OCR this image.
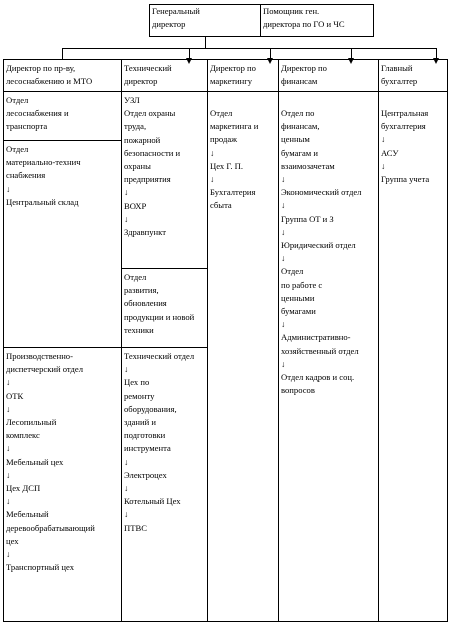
Генеральный
директор
Помощник ген.
директора по ГО и ЧС
Директор по пр-ву,
лесоснабжению и МТО
Отдел
лесоснабжения и
транспорта
Отдел
материально-технич
снабжения
↓
Центральный склад
Производственно-
диспетчерский отдел
↓
ОТК
↓
Лесопильный
комплекс
↓
Мебельный цех
↓
Цех ДСП
↓
Мебельный
деревообрабатывающий
цех
↓
Транспортный цех
Технический
директор
УЗЛ
Отдел охраны
труда,
пожарной
безопасности и
охраны
предприятия
↓
ВОХР
↓
Здравпункт
Отдел
развития,
обновления
продукции и новой
техники
Технический отдел
↓
Цех по
ремонту
оборудования,
зданий и
подготовки
инструмента
↓
Электроцех
↓
Котельный Цех
↓
ПТВС
Директор по
маркетингу
Отдел
маркетинга и
продаж
↓
Цех Г. П.
↓
Бухгалтерия
сбыта
Директор по
финансам
Отдел по
финансам,
ценным
бумагам и
взаимозачетам
↓
Экономический отдел
↓
Группа ОТ и З
↓
Юридический отдел
↓
Отдел
по работе с
ценными
бумагами
↓
Административно-
хозяйственный отдел
↓
Отдел кадров и соц.
вопросов
Главный
бухгалтер
Центральная
бухгалтерия
↓
АСУ
↓
Группа учета
